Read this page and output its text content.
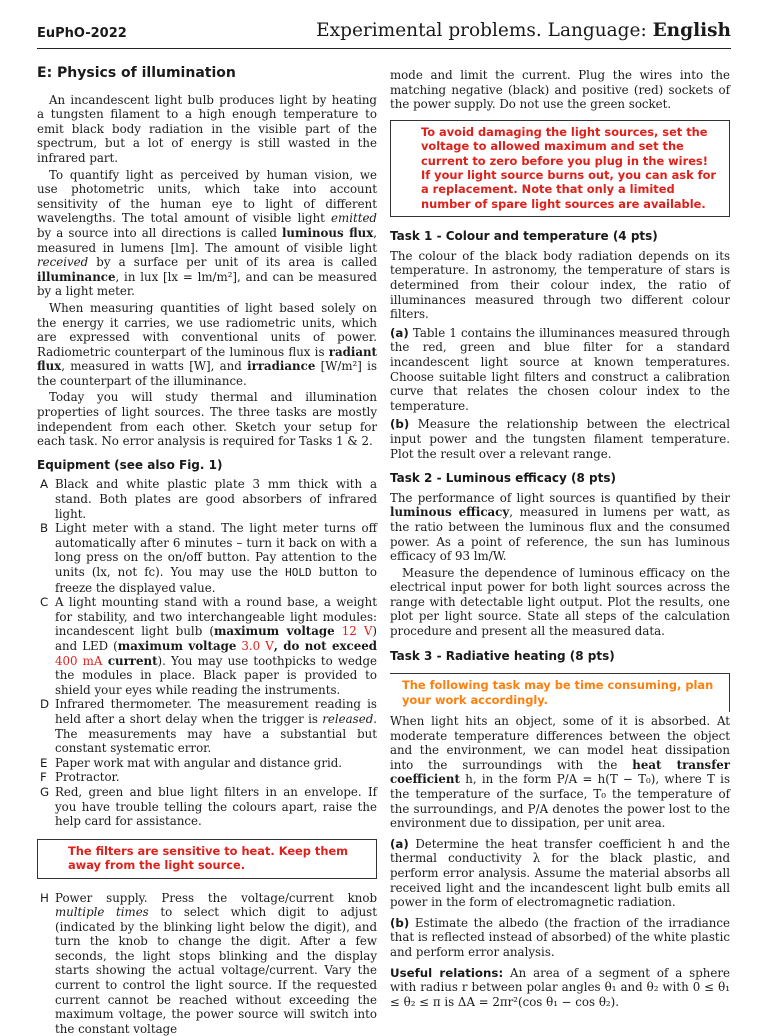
EuPhO-2022	Experimental problems. Language: English
E: Physics of illumination

An incandescent light bulb produces light by heating a tungsten filament to a high enough temperature to emit black body radiation in the visible part of the spectrum, but a lot of energy is still wasted in the infrared part.

To quantify light as perceived by human vision, we use photometric units, which take into account sensitivity of the human eye to light of different wavelengths. The total amount of visible light emitted by a source into all directions is called luminous flux, measured in lumens [lm]. The amount of visible light received by a surface per unit of its area is called illuminance, in lux [lx = lm/m²], and can be measured by a light meter.

When measuring quantities of light based solely on the energy it carries, we use radiometric units, which are expressed with conventional units of power. Radiometric counterpart of the luminous flux is radiant flux, measured in watts [W], and irradiance [W/m²] is the counterpart of the illuminance.

Today you will study thermal and illumination properties of light sources. The three tasks are mostly independent from each other. Sketch your setup for each task. No error analysis is required for Tasks 1 & 2.

Equipment (see also Fig. 1)
A Black and white plastic plate 3 mm thick with a stand. Both plates are good absorbers of infrared light.
B Light meter with a stand. The light meter turns off automatically after 6 minutes – turn it back on with a long press on the on/off button. Pay attention to the units (lx, not fc). You may use the HOLD button to freeze the displayed value.
C A light mounting stand with a round base, a weight for stability, and two interchangeable light modules: incandescent light bulb (maximum voltage 12 V) and LED (maximum voltage 3.0 V, do not exceed 400 mA current). You may use toothpicks to wedge the modules in place. Black paper is provided to shield your eyes while reading the instruments.
D Infrared thermometer. The measurement reading is held after a short delay when the trigger is released. The measurements may have a substantial but constant systematic error.
E Paper work mat with angular and distance grid.
F Protractor.
G Red, green and blue light filters in an envelope. If you have trouble telling the colours apart, raise the help card for assistance.
The filters are sensitive to heat. Keep them away from the light source.
H Power supply. Press the voltage/current knob multiple times to select which digit to adjust (indicated by the blinking light below the digit), and turn the knob to change the digit. After a few seconds, the light stops blinking and the display starts showing the actual voltage/current. Vary the current to control the light source. If the requested current cannot be reached without exceeding the maximum voltage, the power source will switch into the constant voltage

mode and limit the current. Plug the wires into the matching negative (black) and positive (red) sockets of the power supply. Do not use the green socket.

To avoid damaging the light sources, set the voltage to allowed maximum and set the current to zero before you plug in the wires!
If your light source burns out, you can ask for a replacement. Note that only a limited number of spare light sources are available.
Task 1 - Colour and temperature (4 pts)

The colour of the black body radiation depends on its temperature. In astronomy, the temperature of stars is determined from their colour index, the ratio of illuminances measured through two different colour filters.

(a) Table 1 contains the illuminances measured through the red, green and blue filter for a standard incandescent light source at known temperatures. Choose suitable light filters and construct a calibration curve that relates the chosen colour index to the temperature.

(b) Measure the relationship between the electrical input power and the tungsten filament temperature. Plot the result over a relevant range.

Task 2 - Luminous efficacy (8 pts)

The performance of light sources is quantified by their luminous efficacy, measured in lumens per watt, as the ratio between the luminous flux and the consumed power. As a point of reference, the sun has luminous efficacy of 93 lm/W.

Measure the dependence of luminous efficacy on the electrical input power for both light sources across the range with detectable light output. Plot the results, one plot per light source. State all steps of the calculation procedure and present all the measured data.

Task 3 - Radiative heating (8 pts)
The following task may be time consuming, plan your work accordingly.

When light hits an object, some of it is absorbed. At moderate temperature differences between the object and the environment, we can model heat dissipation into the surroundings with the heat transfer coefficient h, in the form P/A = h(T − T₀), where T is the temperature of the surface, T₀ the temperature of the surroundings, and P/A denotes the power lost to the environment due to dissipation, per unit area.

(a) Determine the heat transfer coefficient h and the thermal conductivity λ for the black plastic, and perform error analysis. Assume the material absorbs all received light and the incandescent light bulb emits all power in the form of electromagnetic radiation.

(b) Estimate the albedo (the fraction of the irradiance that is reflected instead of absorbed) of the white plastic and perform error analysis.

Useful relations: An area of a segment of a sphere with radius r between polar angles θ₁ and θ₂ with 0 ≤ θ₁ ≤ θ₂ ≤ π is ΔA = 2πr²(cos θ₁ − cos θ₂).
